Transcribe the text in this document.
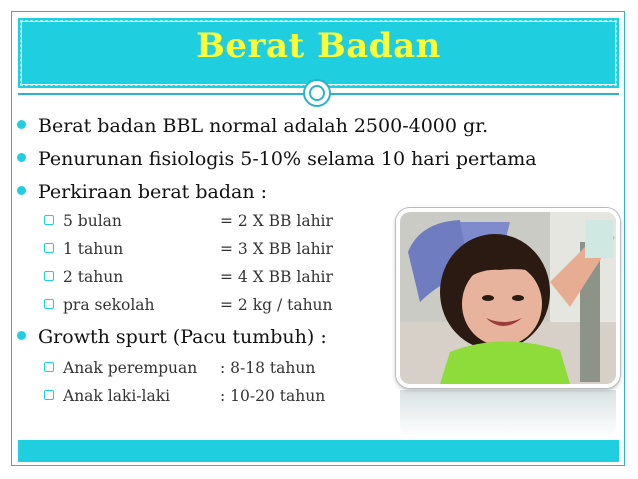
Berat Badan
Berat badan BBL normal adalah 2500-4000 gr.
Penurunan fisiologis 5-10% selama 10 hari pertama
Perkiraan berat badan :
5 bulan	= 2 X BB lahir
1 tahun	= 3 X BB lahir
2 tahun	= 4 X BB lahir
pra sekolah	= 2 kg / tahun
Growth spurt (Pacu tumbuh) :
Anak perempuan : 8-18 tahun
Anak laki-laki	: 10-20 tahun
